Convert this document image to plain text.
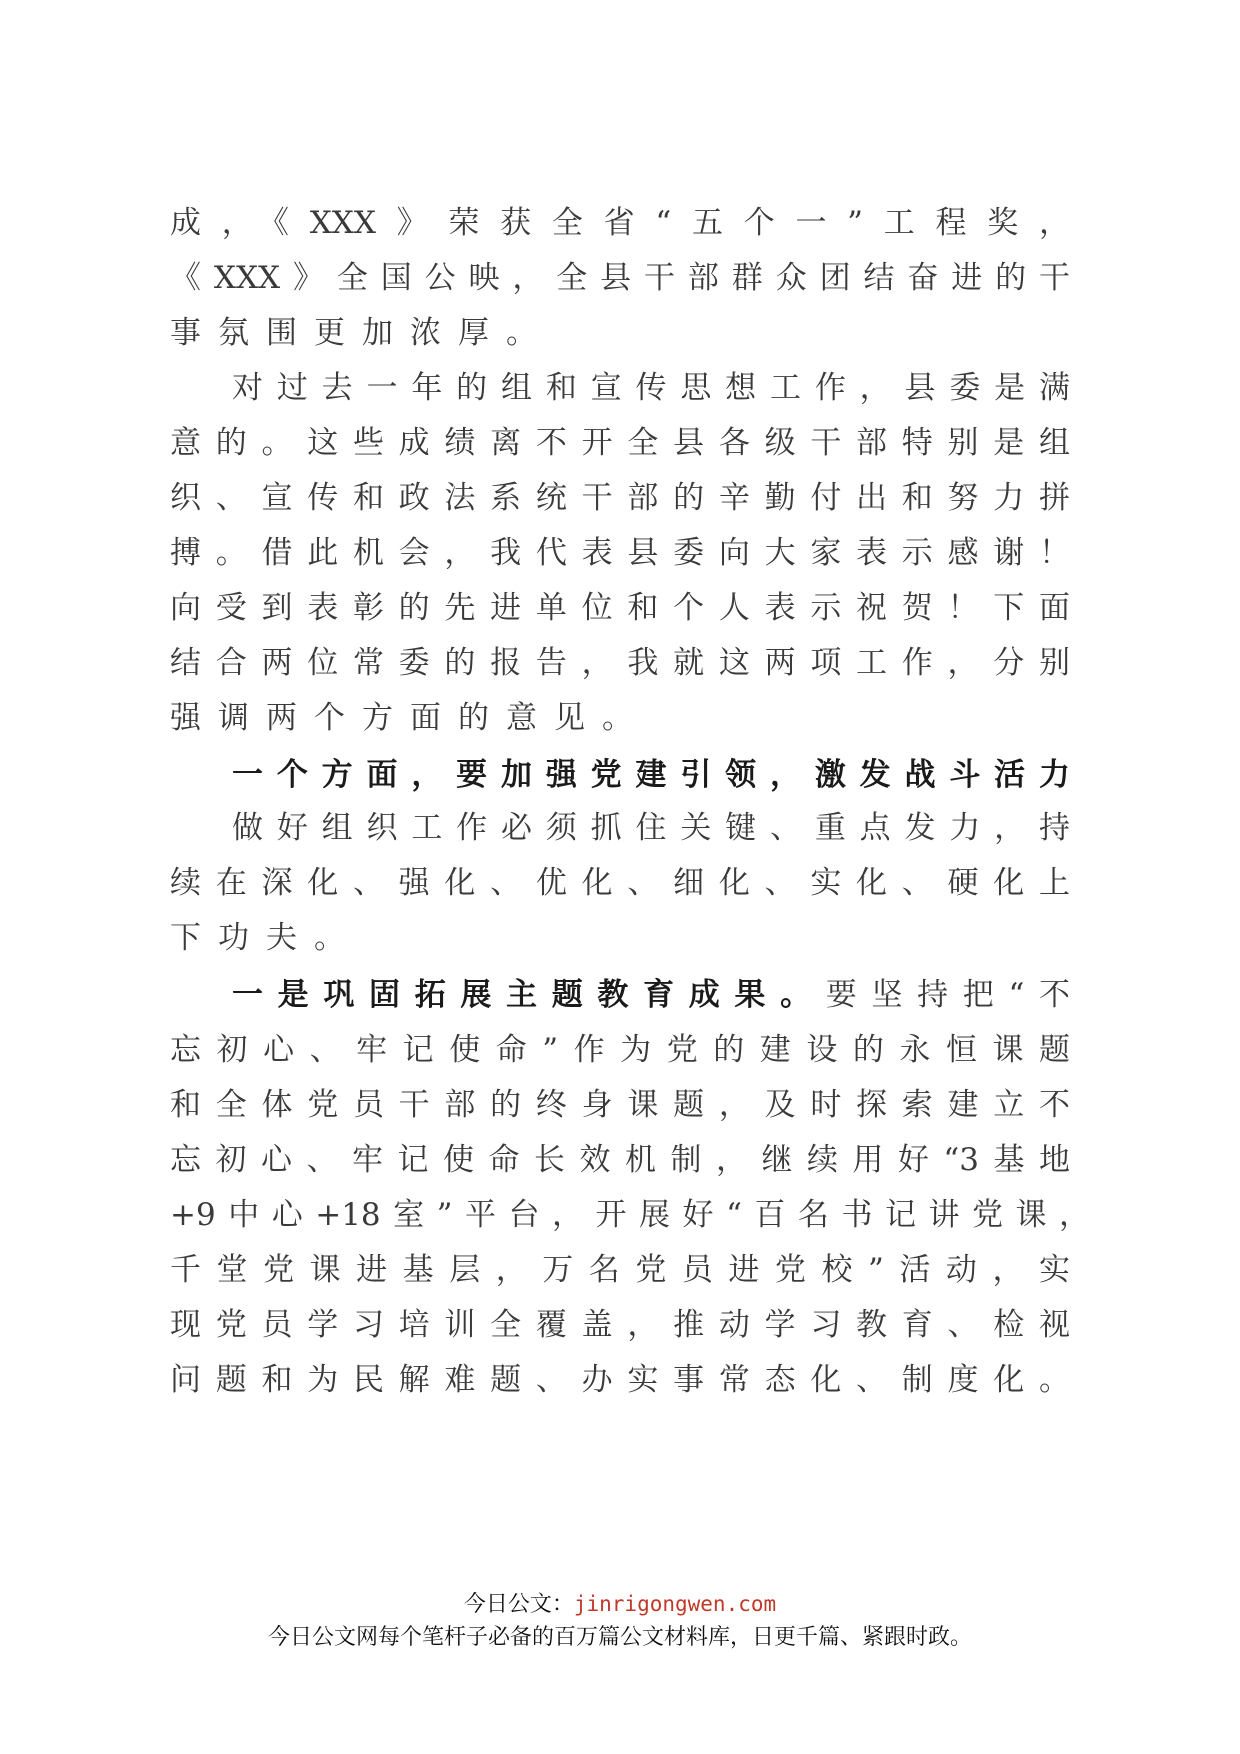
成，《XXX》荣获全省“五个一”工程奖，
《XXX》全国公映，全县干部群众团结奋进的干
事氛围更加浓厚。
对过去一年的组和宣传思想工作，县委是满
意的。这些成绩离不开全县各级干部特别是组
织、宣传和政法系统干部的辛勤付出和努力拼
搏。借此机会，我代表县委向大家表示感谢！
向受到表彰的先进单位和个人表示祝贺！下面
结合两位常委的报告，我就这两项工作，分别
强调两个方面的意见。
一个方面，要加强党建引领，激发战斗活力
做好组织工作必须抓住关键、重点发力，持
续在深化、强化、优化、细化、实化、硬化上
下功夫。
一是巩固拓展主题教育成果。要坚持把“不
忘初心、牢记使命”作为党的建设的永恒课题
和全体党员干部的终身课题，及时探索建立不
忘初心、牢记使命长效机制，继续用好“3基地
+9中心+18室”平台，开展好“百名书记讲党课，
千堂党课进基层，万名党员进党校”活动，实
现党员学习培训全覆盖，推动学习教育、检视
问题和为民解难题、办实事常态化、制度化。
今日公文：jinrigongwen.com
今日公文网每个笔杆子必备的百万篇公文材料库，日更千篇、紧跟时政。
